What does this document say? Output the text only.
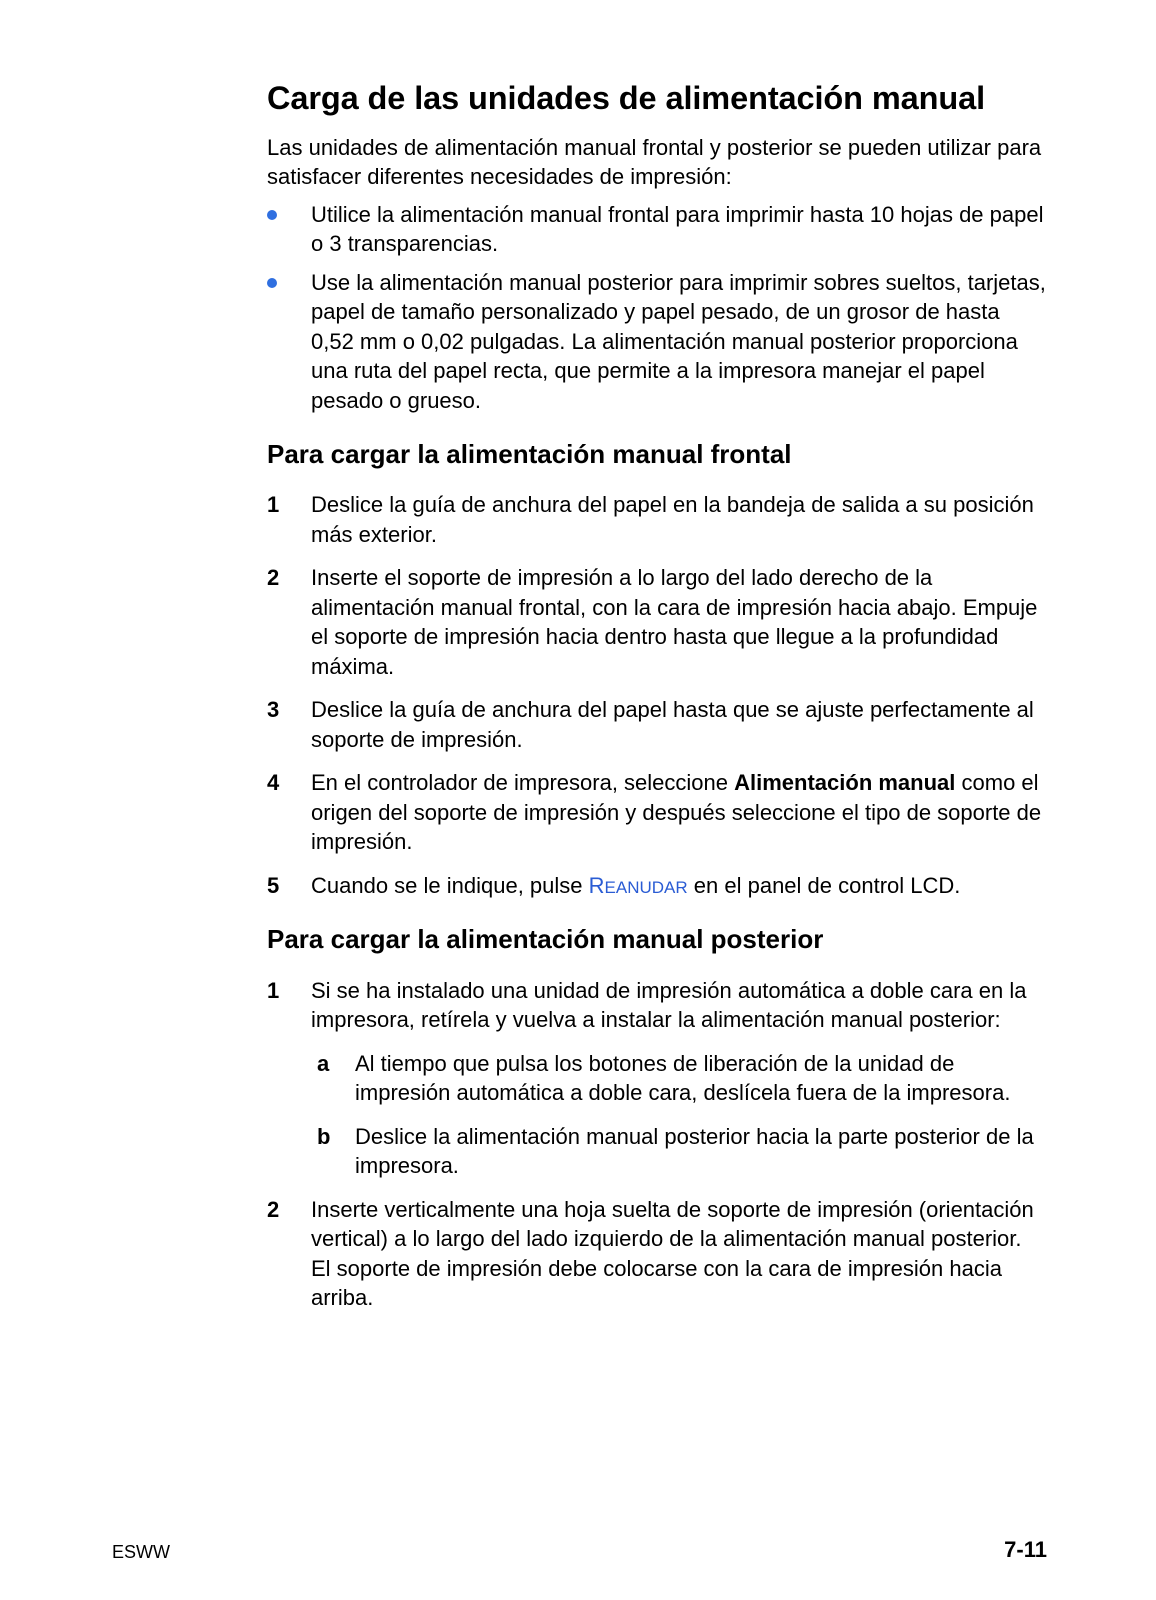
Carga de las unidades de alimentación manual

Las unidades de alimentación manual frontal y posterior se pueden utilizar para satisfacer diferentes necesidades de impresión:

Utilice la alimentación manual frontal para imprimir hasta 10 hojas de papel o 3 transparencias.

Use la alimentación manual posterior para imprimir sobres sueltos, tarjetas, papel de tamaño personalizado y papel pesado, de un grosor de hasta 0,52 mm o 0,02 pulgadas. La alimentación manual posterior proporciona una ruta del papel recta, que permite a la impresora manejar el papel pesado o grueso.

Para cargar la alimentación manual frontal
1 Deslice la guía de anchura del papel en la bandeja de salida a su posición más exterior.

2 Inserte el soporte de impresión a lo largo del lado derecho de la alimentación manual frontal, con la cara de impresión hacia abajo. Empuje el soporte de impresión hacia dentro hasta que llegue a la profundidad máxima.

3 Deslice la guía de anchura del papel hasta que se ajuste perfectamente al soporte de impresión.

4 En el controlador de impresora, seleccione Alimentación manual como el origen del soporte de impresión y después seleccione el tipo de soporte de impresión.

5 Cuando se le indique, pulse REANUDAR en el panel de control LCD.

Para cargar la alimentación manual posterior
1 Si se ha instalado una unidad de impresión automática a doble cara en la impresora, retírela y vuelva a instalar la alimentación manual posterior:

a Al tiempo que pulsa los botones de liberación de la unidad de impresión automática a doble cara, deslícela fuera de la impresora.

b Deslice la alimentación manual posterior hacia la parte posterior de la impresora.

2 Inserte verticalmente una hoja suelta de soporte de impresión (orientación vertical) a lo largo del lado izquierdo de la alimentación manual posterior. El soporte de impresión debe colocarse con la cara de impresión hacia arriba.

ESWW	7-11
